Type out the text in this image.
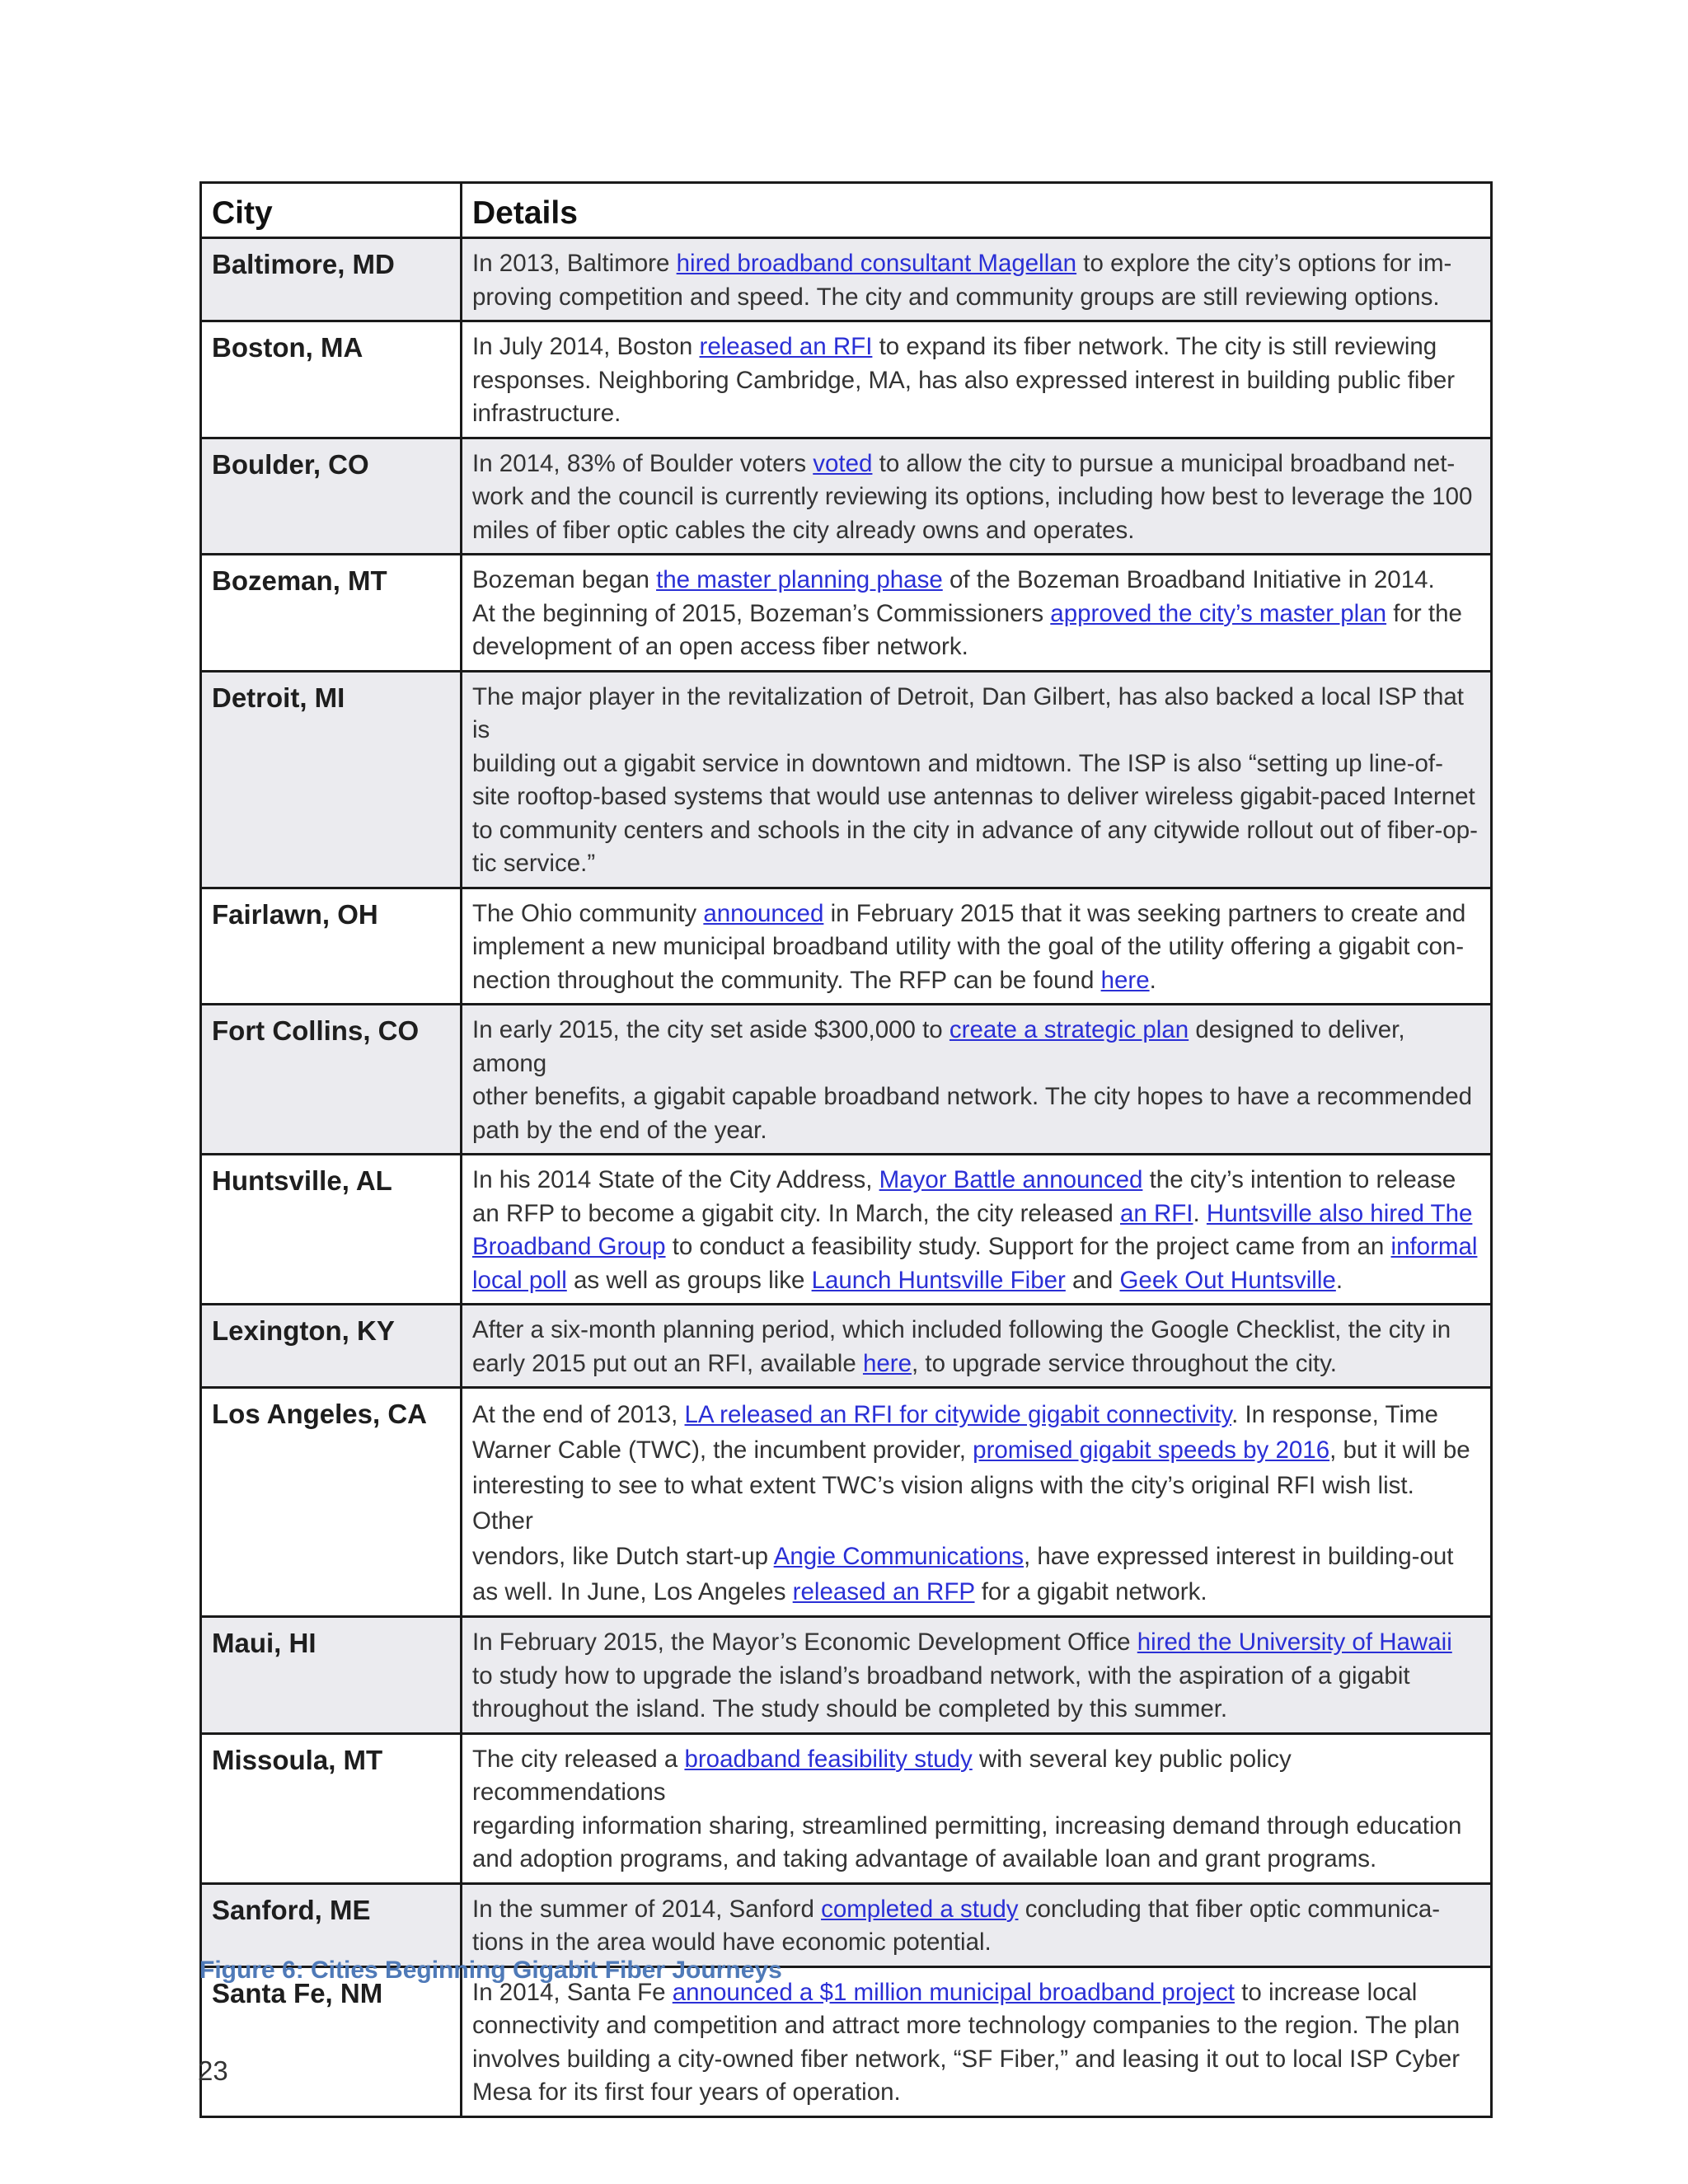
City	Details
Baltimore, MD	In 2013, Baltimore hired broadband consultant Magellan to explore the city’s options for im-
proving competition and speed. The city and community groups are still reviewing options.
Boston, MA	In July 2014, Boston released an RFI to expand its fiber network. The city is still reviewing
responses. Neighboring Cambridge, MA, has also expressed interest in building public fiber
infrastructure.
Boulder, CO	In 2014, 83% of Boulder voters voted to allow the city to pursue a municipal broadband net-
work and the council is currently reviewing its options, including how best to leverage the 100
miles of fiber optic cables the city already owns and operates.
Bozeman, MT	Bozeman began the master planning phase of the Bozeman Broadband Initiative in 2014.
At the beginning of 2015, Bozeman’s Commissioners approved the city’s master plan for the
development of an open access fiber network.
Detroit, MI	The major player in the revitalization of Detroit, Dan Gilbert, has also backed a local ISP that is
building out a gigabit service in downtown and midtown. The ISP is also “setting up line-of-
site rooftop-based systems that would use antennas to deliver wireless gigabit-paced Internet
to community centers and schools in the city in advance of any citywide rollout out of fiber-op-
tic service.”
Fairlawn, OH	The Ohio community announced in February 2015 that it was seeking partners to create and
implement a new municipal broadband utility with the goal of the utility offering a gigabit con-
nection throughout the community. The RFP can be found here.
Fort Collins, CO	In early 2015, the city set aside $300,000 to create a strategic plan designed to deliver, among
other benefits, a gigabit capable broadband network. The city hopes to have a recommended
path by the end of the year.
Huntsville, AL	In his 2014 State of the City Address, Mayor Battle announced the city’s intention to release
an RFP to become a gigabit city. In March, the city released an RFI. Huntsville also hired The
Broadband Group to conduct a feasibility study. Support for the project came from an informal
local poll as well as groups like Launch Huntsville Fiber and Geek Out Huntsville.
Lexington, KY	After a six-month planning period, which included following the Google Checklist, the city in
early 2015 put out an RFI, available here, to upgrade service throughout the city.
Los Angeles, CA	At the end of 2013, LA released an RFI for citywide gigabit connectivity. In response, Time
Warner Cable (TWC), the incumbent provider, promised gigabit speeds by 2016, but it will be
interesting to see to what extent TWC’s vision aligns with the city’s original RFI wish list. Other
vendors, like Dutch start-up Angie Communications, have expressed interest in building-out
as well. In June, Los Angeles released an RFP for a gigabit network.
Maui, HI	In February 2015, the Mayor’s Economic Development Office hired the University of Hawaii
to study how to upgrade the island’s broadband network, with the aspiration of a gigabit
throughout the island. The study should be completed by this summer.
Missoula, MT	The city released a broadband feasibility study with several key public policy recommendations
regarding information sharing, streamlined permitting, increasing demand through education
and adoption programs, and taking advantage of available loan and grant programs.
Sanford, ME	In the summer of 2014, Sanford completed a study concluding that fiber optic communica-
tions in the area would have economic potential.
Santa Fe, NM	In 2014, Santa Fe announced a $1 million municipal broadband project to increase local
connectivity and competition and attract more technology companies to the region. The plan
involves building a city-owned fiber network, “SF Fiber,” and leasing it out to local ISP Cyber
Mesa for its first four years of operation.
Figure 6: Cities Beginning Gigabit Fiber Journeys
23
